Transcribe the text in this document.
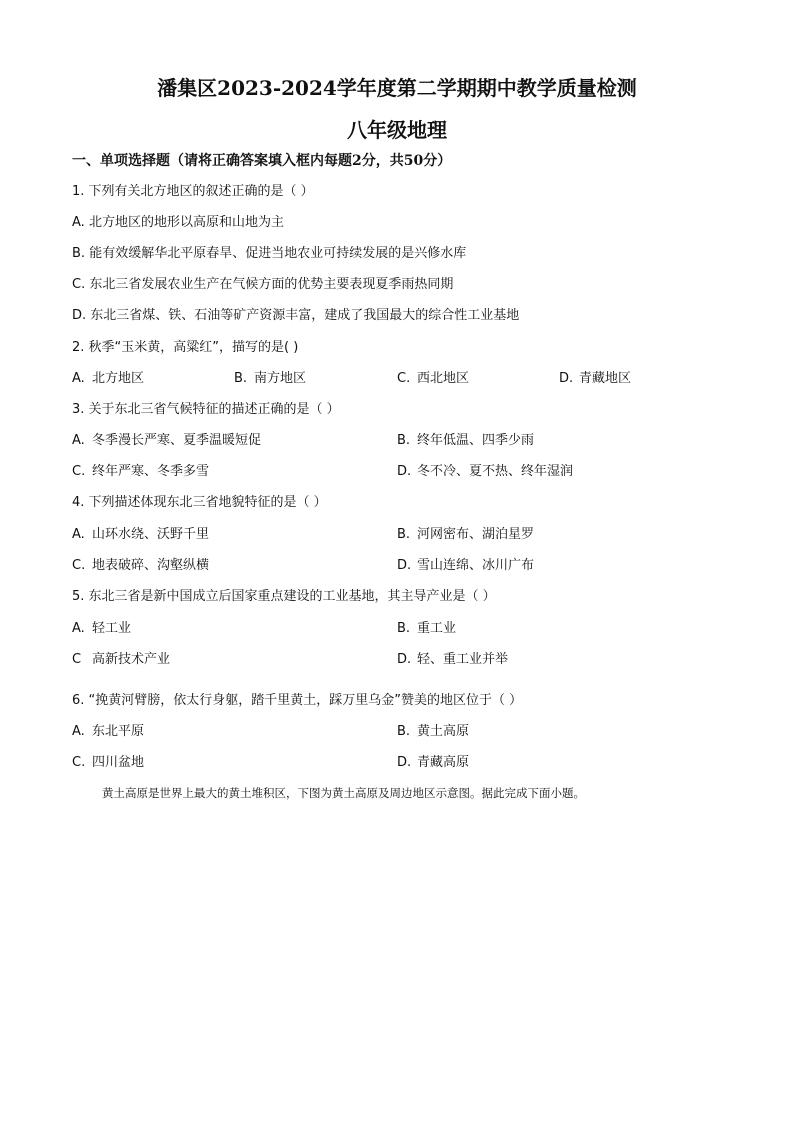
潘集区2023-2024学年度第二学期期中教学质量检测
八年级地理

一、单项选择题（请将正确答案填入框内每题2分，共50分）

1. 下列有关北方地区的叙述正确的是（ ）

A. 北方地区的地形以高原和山地为主

B. 能有效缓解华北平原春旱、促进当地农业可持续发展的是兴修水库

C. 东北三省发展农业生产在气候方面的优势主要表现夏季雨热同期

D. 东北三省煤、铁、石油等矿产资源丰富，建成了我国最大的综合性工业基地

2. 秋季“玉米黄，高粱红”，描写的是( )

A. 北方地区	B. 南方地区	C. 西北地区	D. 青藏地区

3. 关于东北三省气候特征的描述正确的是（ ）

A. 冬季漫长严寒、夏季温暖短促	B. 终年低温、四季少雨
C. 终年严寒、冬季多雪	D. 冬不冷、夏不热、终年湿润

4. 下列描述体现东北三省地貌特征的是（ ）

A. 山环水绕、沃野千里	B. 河网密布、湖泊星罗
C. 地表破碎、沟壑纵横	D. 雪山连绵、冰川广布

5. 东北三省是新中国成立后国家重点建设的工业基地，其主导产业是（ ）

A. 轻工业	B. 重工业
C 高新技术产业	D. 轻、重工业并举

6. “挽黄河臂膀，依太行身躯，踏千里黄土，踩万里乌金”赞美的地区位于（ ）

A. 东北平原	B. 黄土高原
C. 四川盆地	D. 青藏高原

黄土高原是世界上最大的黄土堆积区，下图为黄土高原及周边地区示意图。据此完成下面小题。
